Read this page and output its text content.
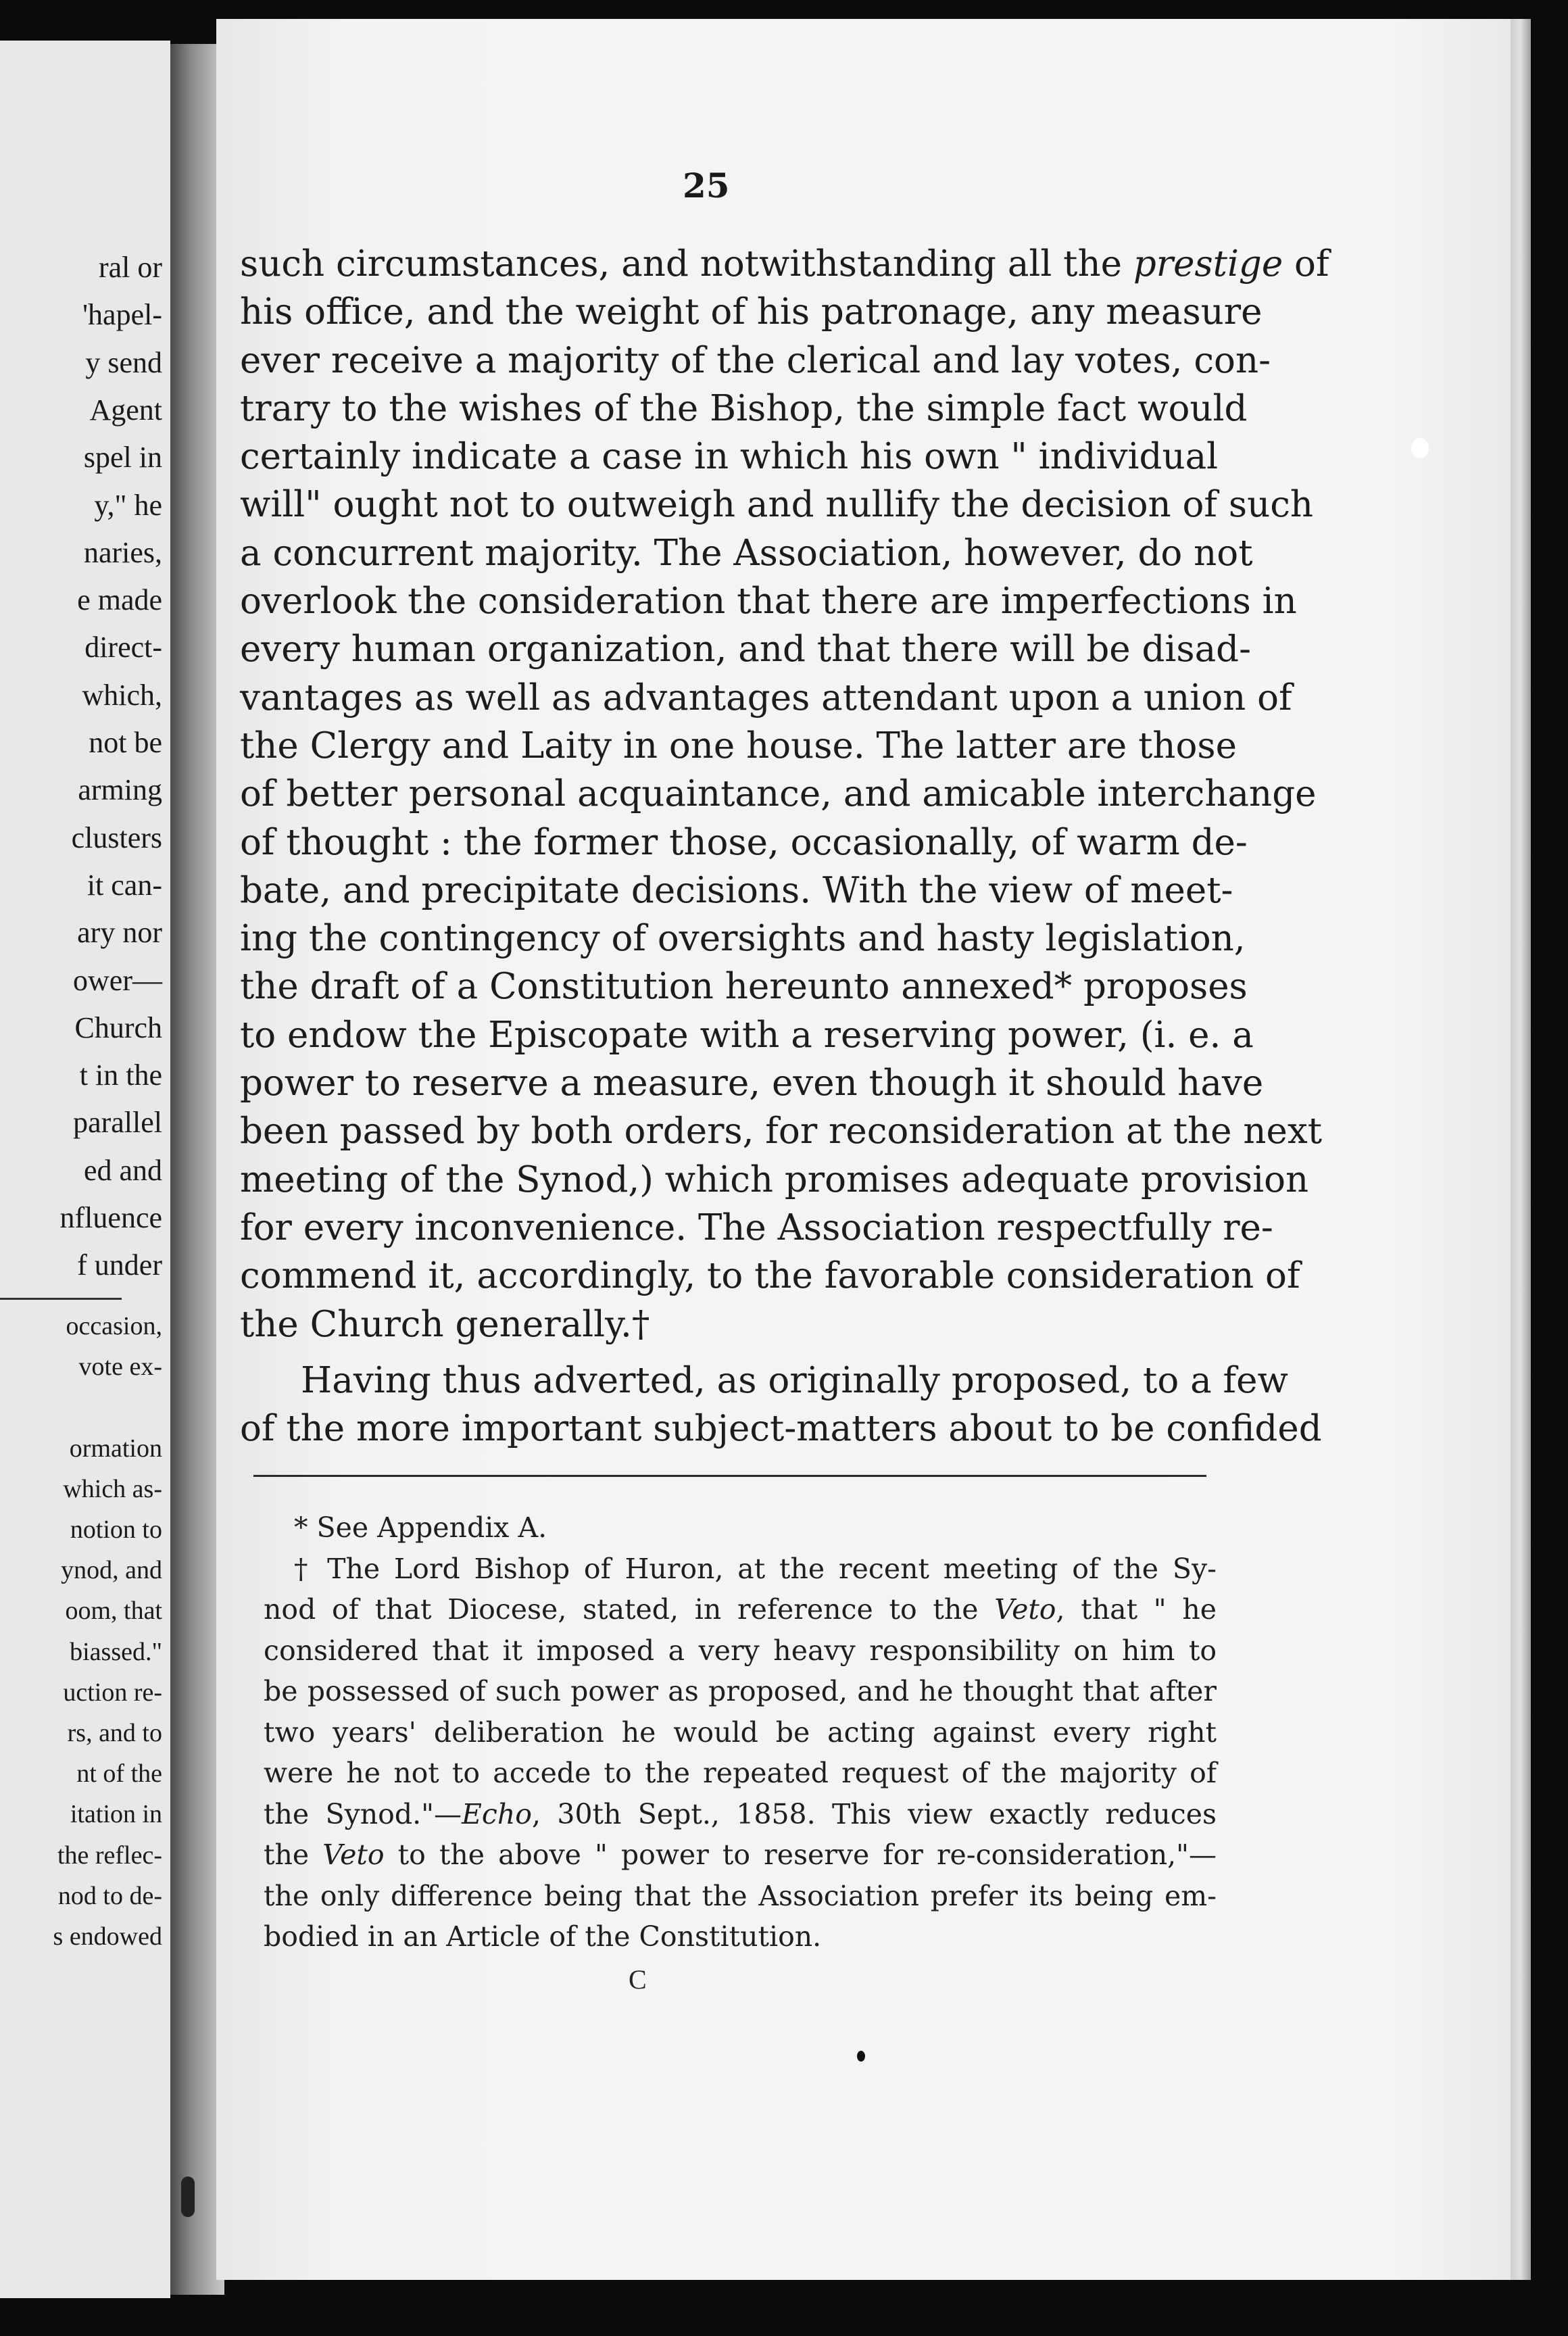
ral or
'hapel-
y send
Agent
spel in
y," he
naries,
e made
direct-
which,
not be
arming
clusters
it can-
ary nor
ower—
Church
t in the
parallel
ed and
nfluence
f under
occasion,
vote ex-
ormation
which as-
notion to
ynod, and
oom, that
biassed."
uction re-
rs, and to
nt of the
itation in
the reflec-
nod to de-
s endowed
25
such circumstances, and notwithstanding all the prestige of
his office, and the weight of his patronage, any measure
ever receive a majority of the clerical and lay votes, con-
trary to the wishes of the Bishop, the simple fact would
certainly indicate a case in which his own " individual
will" ought not to outweigh and nullify the decision of such
a concurrent majority. The Association, however, do not
overlook the consideration that there are imperfections in
every human organization, and that there will be disad-
vantages as well as advantages attendant upon a union of
the Clergy and Laity in one house. The latter are those
of better personal acquaintance, and amicable interchange
of thought : the former those, occasionally, of warm de-
bate, and precipitate decisions. With the view of meet-
ing the contingency of oversights and hasty legislation,
the draft of a Constitution hereunto annexed* proposes
to endow the Episcopate with a reserving power, (i. e. a
power to reserve a measure, even though it should have
been passed by both orders, for reconsideration at the next
meeting of the Synod,) which promises adequate provision
for every inconvenience. The Association respectfully re-
commend it, accordingly, to the favorable consideration of
the Church generally.†
Having thus adverted, as originally proposed, to a few
of the more important subject-matters about to be confided
* See Appendix A.
† The Lord Bishop of Huron, at the recent meeting of the Sy-
nod of that Diocese, stated, in reference to the Veto, that " he
considered that it imposed a very heavy responsibility on him to
be possessed of such power as proposed, and he thought that after
two years' deliberation he would be acting against every right
were he not to accede to the repeated request of the majority of
the Synod."—Echo, 30th Sept., 1858. This view exactly reduces
the Veto to the above " power to reserve for re-consideration,"—
the only difference being that the Association prefer its being em-
bodied in an Article of the Constitution.
C
